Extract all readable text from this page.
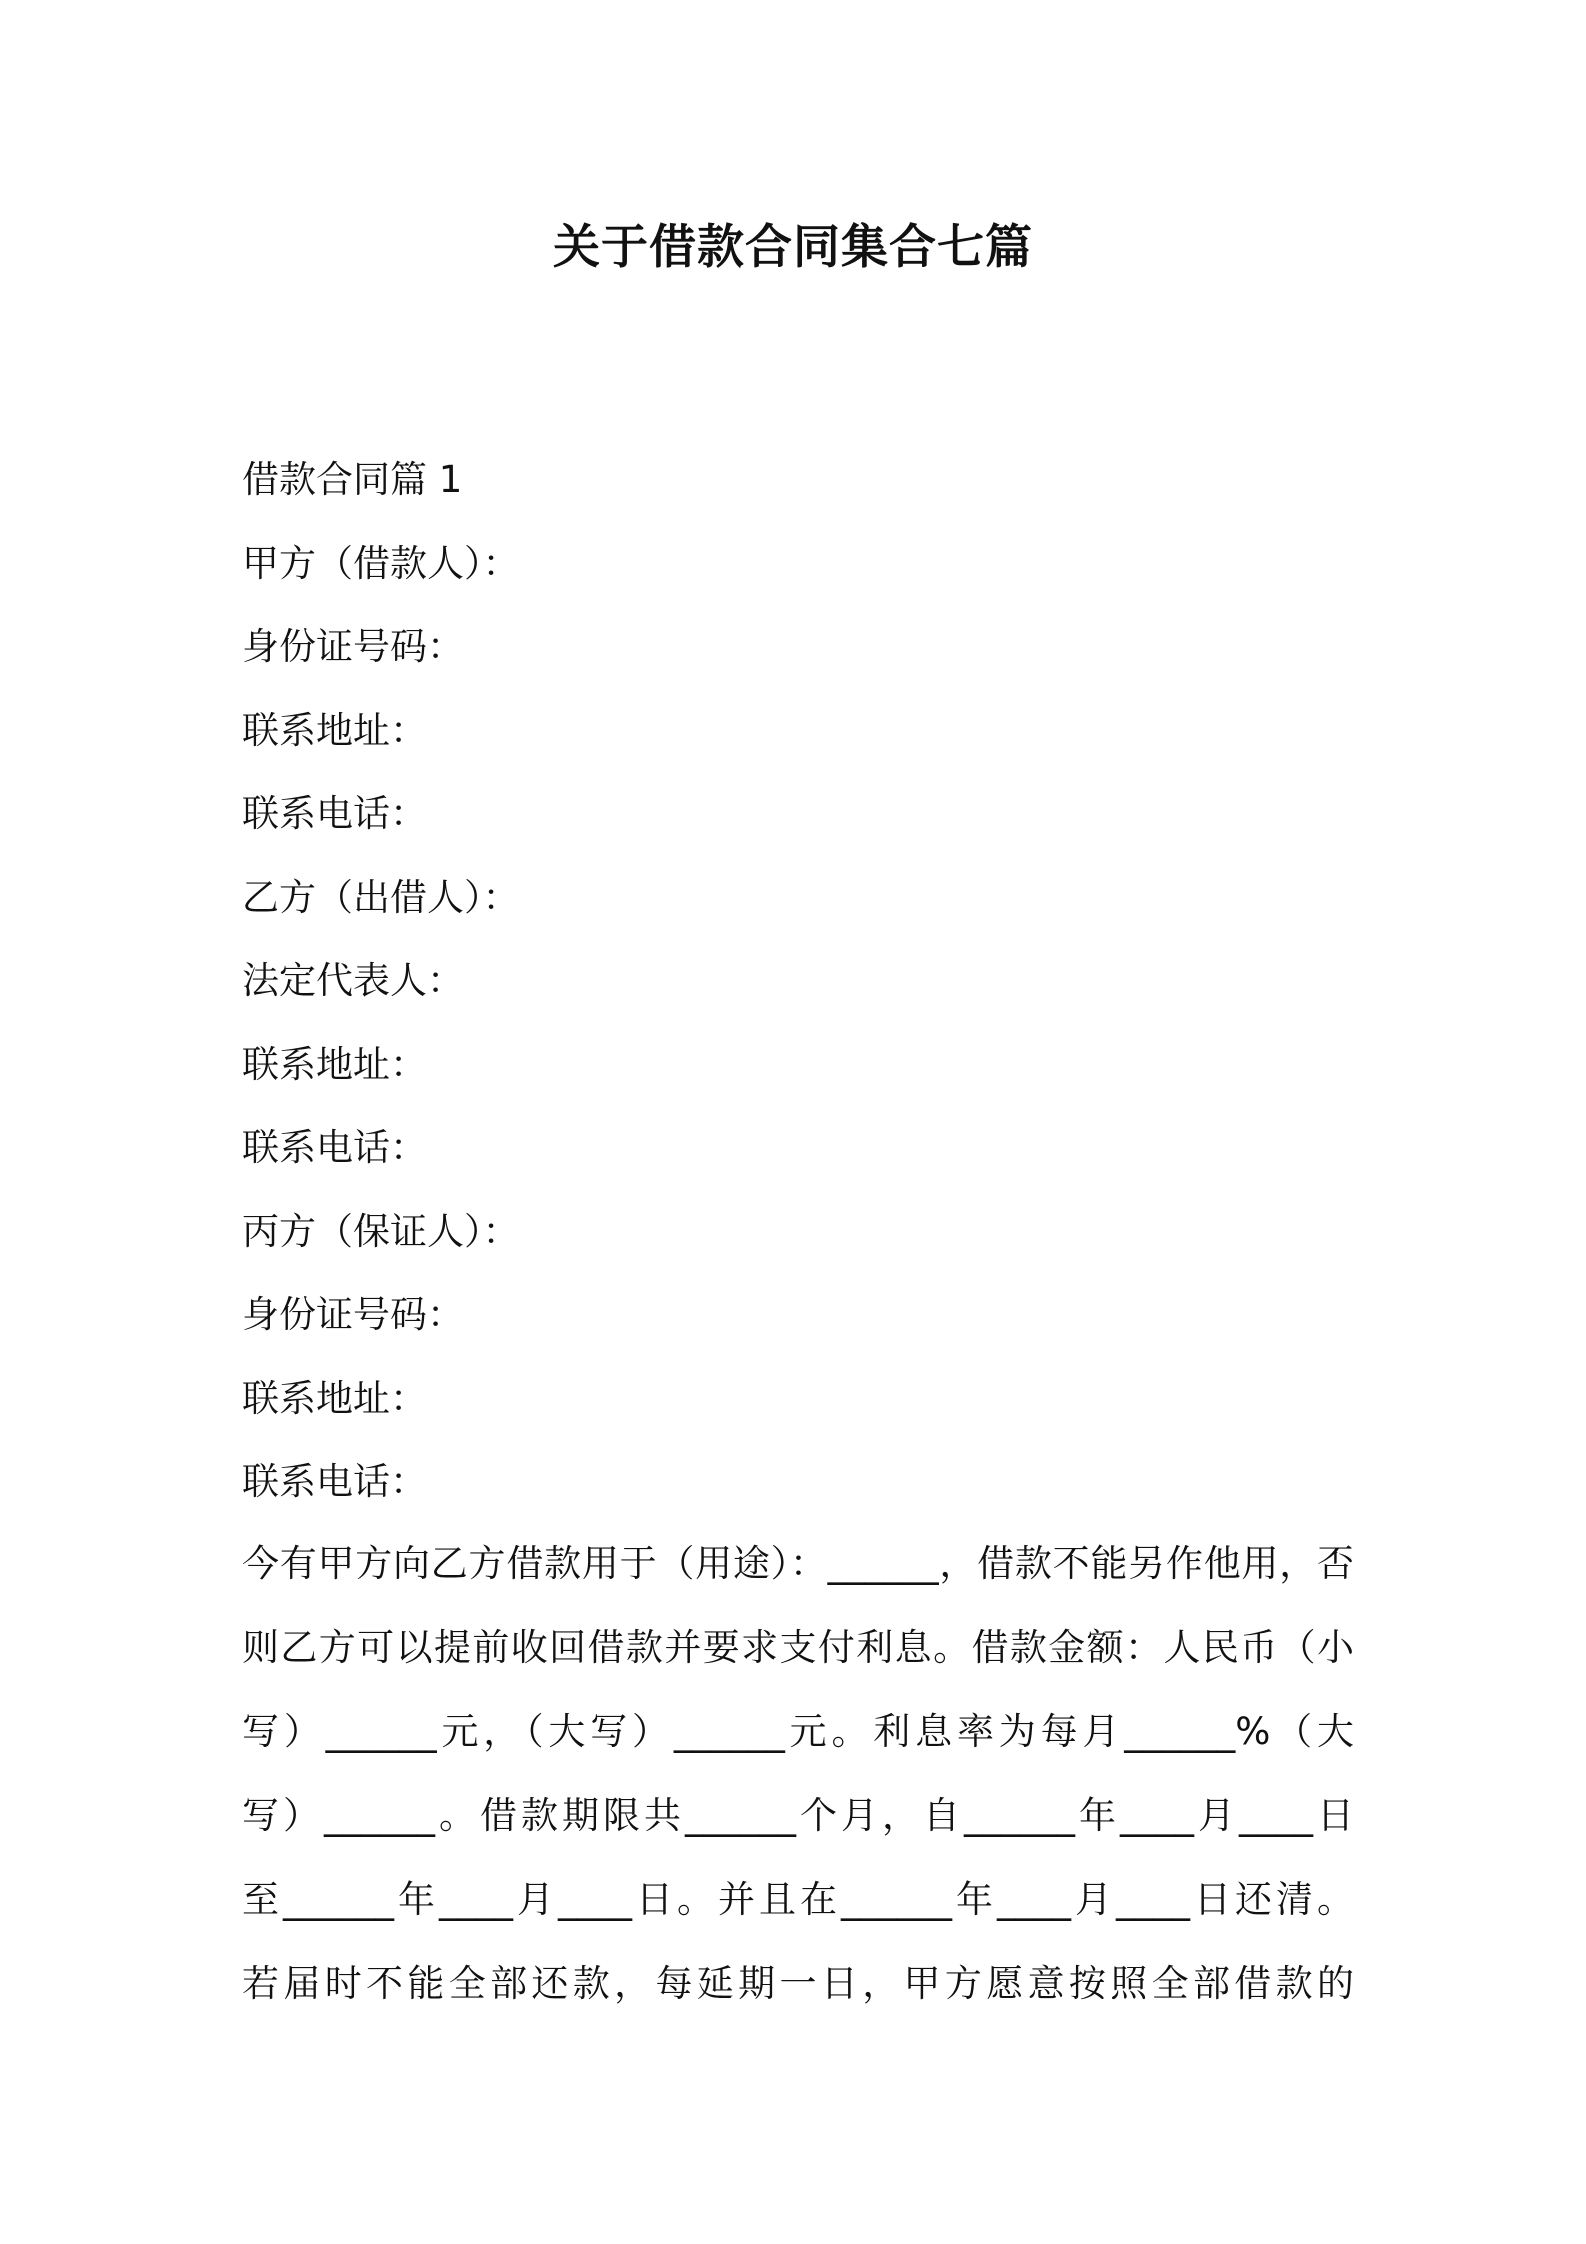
关于借款合同集合七篇
借款合同篇 1
甲方（借款人）：
身份证号码：
联系地址：
联系电话：
乙方（出借人）：
法定代表人：
联系地址：
联系电话：
丙方（保证人）：
身份证号码：
联系地址：
联系电话：
今有甲方向乙方借款用于（用途）：______，借款不能另作他用，否
则乙方可以提前收回借款并要求支付利息。借款金额：人民币（小
写）______元，（大写）______元。利息率为每月______%（大
写）______。借款期限共______个月，自______年____月____日
至______年____月____日。并且在______年____月____日还清。
若届时不能全部还款，每延期一日，甲方愿意按照全部借款的
